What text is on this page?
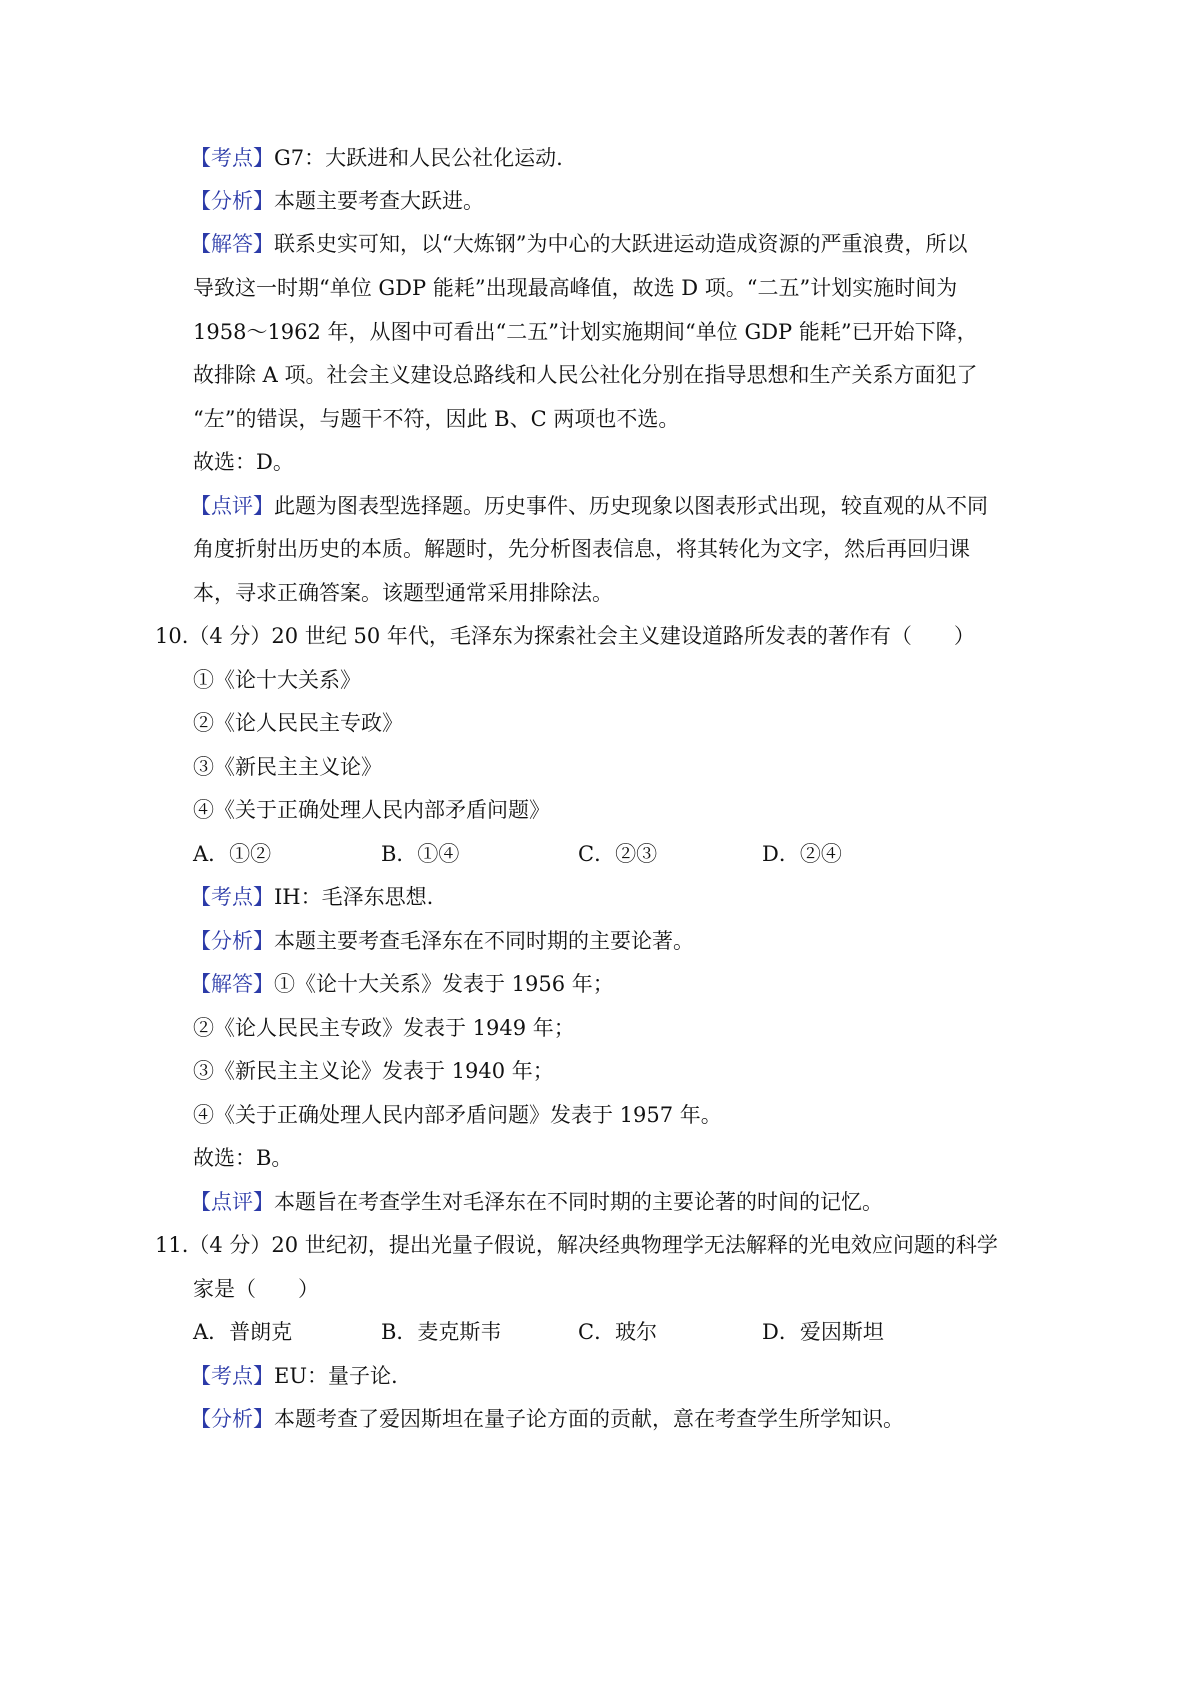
【考点】G7：大跃进和人民公社化运动.
【分析】本题主要考查大跃进。
【解答】联系史实可知，以“大炼钢”为中心的大跃进运动造成资源的严重浪费，所以
导致这一时期“单位 GDP 能耗”出现最高峰值，故选 D 项。“二五”计划实施时间为
1958～1962 年，从图中可看出“二五”计划实施期间“单位 GDP 能耗”已开始下降，
故排除 A 项。社会主义建设总路线和人民公社化分别在指导思想和生产关系方面犯了
“左”的错误，与题干不符，因此 B、C 两项也不选。
故选：D。
【点评】此题为图表型选择题。历史事件、历史现象以图表形式出现，较直观的从不同
角度折射出历史的本质。解题时，先分析图表信息，将其转化为文字，然后再回归课
本，寻求正确答案。该题型通常采用排除法。
10.（4 分）20 世纪 50 年代，毛泽东为探索社会主义建设道路所发表的著作有（　　）
①《论十大关系》
②《论人民民主专政》
③《新民主主义论》
④《关于正确处理人民内部矛盾问题》
A．①②	B．①④	C．②③	D．②④
【考点】IH：毛泽东思想.
【分析】本题主要考查毛泽东在不同时期的主要论著。
【解答】①《论十大关系》发表于 1956 年；
②《论人民民主专政》发表于 1949 年；
③《新民主主义论》发表于 1940 年；
④《关于正确处理人民内部矛盾问题》发表于 1957 年。
故选：B。
【点评】本题旨在考查学生对毛泽东在不同时期的主要论著的时间的记忆。
11.（4 分）20 世纪初，提出光量子假说，解决经典物理学无法解释的光电效应问题的科学
家是（　　）
A．普朗克	B．麦克斯韦	C．玻尔	D．爱因斯坦
【考点】EU：量子论.
【分析】本题考查了爱因斯坦在量子论方面的贡献，意在考查学生所学知识。
